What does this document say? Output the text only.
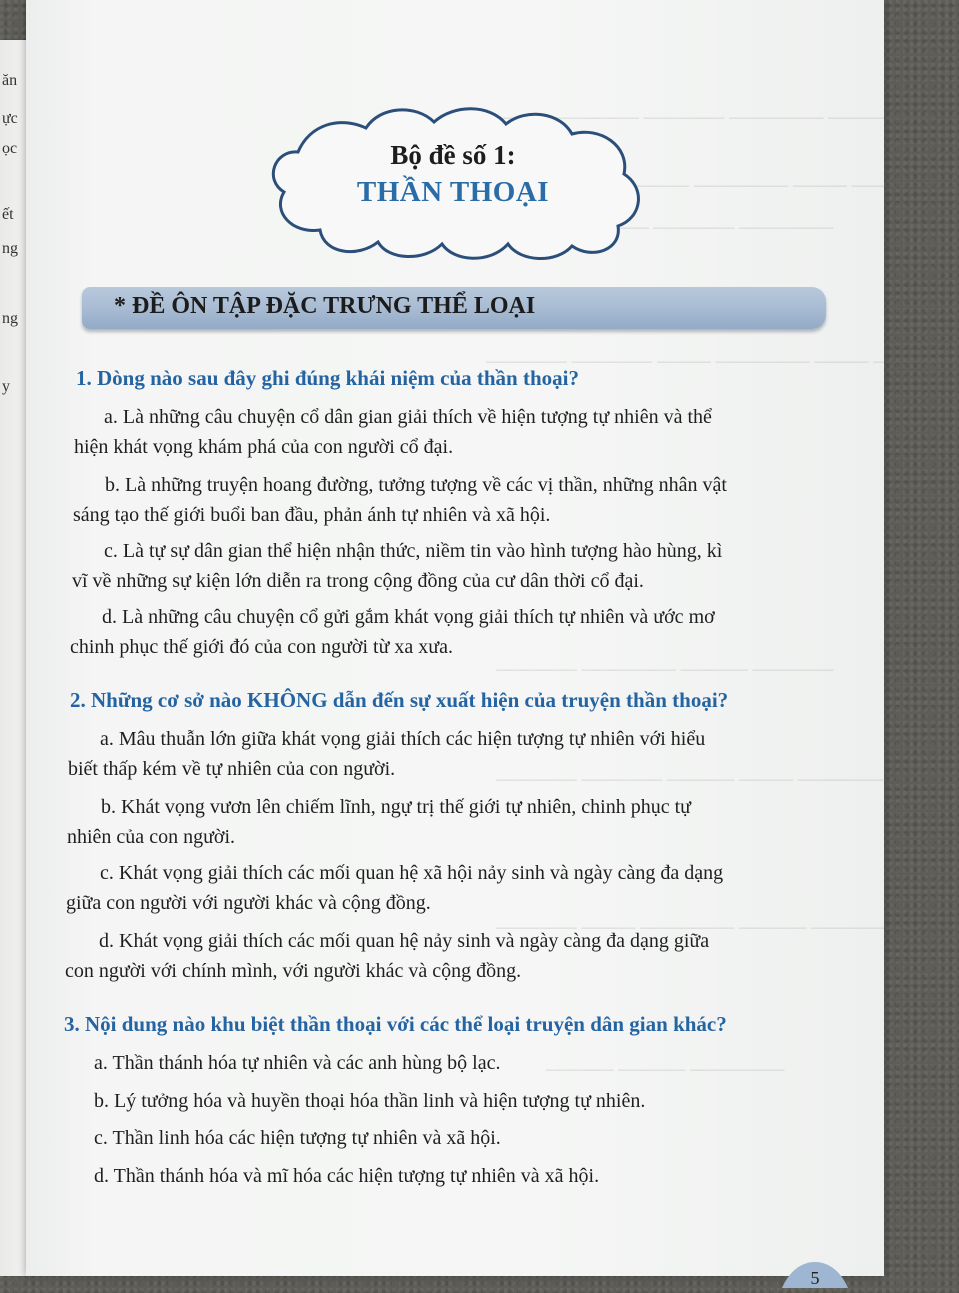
ăn
ực
ọc
ết
ng
ng
y
──────── ─────── ────── ──────── ───
──────── ──── ─────── ──────── ──────
─────── ────── ───── ──────
────── ──── ─────── ──── ────── ──────
────── ───── ─────── ──────
─────── ──── ───── ────── ──────
──────── ───── ─────── ──── ──────
─────── ───── ─────
Bộ đề số 1:
THẦN THOẠI
* ĐỀ ÔN TẬP ĐẶC TRƯNG THỂ LOẠI
1. Dòng nào sau đây ghi đúng khái niệm của thần thoại?
a. Là những câu chuyện cổ dân gian giải thích về hiện tượng tự nhiên và thể
hiện khát vọng khám phá của con người cổ đại.
b. Là những truyện hoang đường, tưởng tượng về các vị thần, những nhân vật
sáng tạo thế giới buổi ban đầu, phản ánh tự nhiên và xã hội.
c. Là tự sự dân gian thể hiện nhận thức, niềm tin vào hình tượng hào hùng, kì
vĩ về những sự kiện lớn diễn ra trong cộng đồng của cư dân thời cổ đại.
d. Là những câu chuyện cổ gửi gắm khát vọng giải thích tự nhiên và ước mơ
chinh phục thế giới đó của con người từ xa xưa.
2. Những cơ sở nào KHÔNG dẫn đến sự xuất hiện của truyện thần thoại?
a. Mâu thuẫn lớn giữa khát vọng giải thích các hiện tượng tự nhiên với hiểu
biết thấp kém về tự nhiên của con người.
b. Khát vọng vươn lên chiếm lĩnh, ngự trị thế giới tự nhiên, chinh phục tự
nhiên của con người.
c. Khát vọng giải thích các mối quan hệ xã hội nảy sinh và ngày càng đa dạng
giữa con người với người khác và cộng đồng.
d. Khát vọng giải thích các mối quan hệ nảy sinh và ngày càng đa dạng giữa
con người với chính mình, với người khác và cộng đồng.
3. Nội dung nào khu biệt thần thoại với các thể loại truyện dân gian khác?
a. Thần thánh hóa tự nhiên và các anh hùng bộ lạc.
b. Lý tưởng hóa và huyền thoại hóa thần linh và hiện tượng tự nhiên.
c. Thần linh hóa các hiện tượng tự nhiên và xã hội.
d. Thần thánh hóa và mĩ hóa các hiện tượng tự nhiên và xã hội.
5
